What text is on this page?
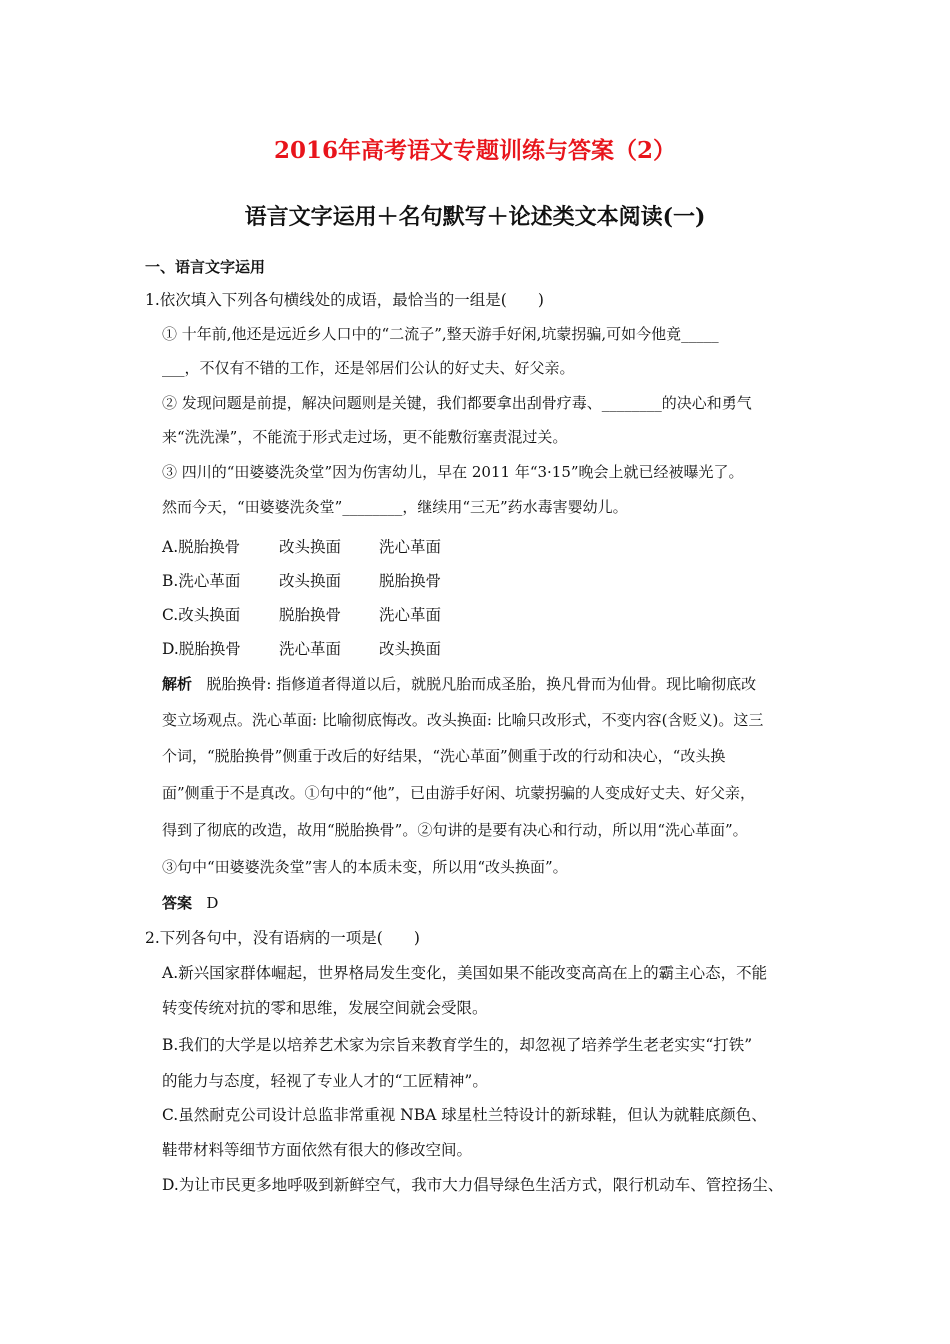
2016年高考语文专题训练与答案（2）
语言文字运用＋名句默写＋论述类文本阅读(一)
一、语言文字运用
1.依次填入下列各句横线处的成语，最恰当的一组是(　　)
① 十年前,他还是远近乡人口中的“二流子”,整天游手好闲,坑蒙拐骗,可如今他竟_____
___，不仅有不错的工作，还是邻居们公认的好丈夫、好父亲。
② 发现问题是前提，解决问题则是关键，我们都要拿出刮骨疗毒、________的决心和勇气
来“洗洗澡”，不能流于形式走过场，更不能敷衍塞责混过关。
③ 四川的“田婆婆洗灸堂”因为伤害幼儿，早在 2011 年“3·15”晚会上就已经被曝光了。
然而今天，“田婆婆洗灸堂”________，继续用“三无”药水毒害婴幼儿。
A.脱胎换骨	改头换面 洗心革面
B.洗心革面 改头换面 脱胎换骨
C.改头换面	脱胎换骨 洗心革面
D.脱胎换骨 洗心革面 改头换面
解析 脱胎换骨: 指修道者得道以后，就脱凡胎而成圣胎，换凡骨而为仙骨。现比喻彻底改
变立场观点。洗心革面: 比喻彻底悔改。改头换面: 比喻只改形式，不变内容(含贬义)。这三
个词，“脱胎换骨”侧重于改后的好结果，“洗心革面”侧重于改的行动和决心，“改头换
面”侧重于不是真改。①句中的“他”，已由游手好闲、坑蒙拐骗的人变成好丈夫、好父亲，
得到了彻底的改造，故用“脱胎换骨”。②句讲的是要有决心和行动，所以用“洗心革面”。
③句中“田婆婆洗灸堂”害人的本质未变，所以用“改头换面”。
答案 D
2.下列各句中，没有语病的一项是(　　)
A.新兴国家群体崛起，世界格局发生变化，美国如果不能改变高高在上的霸主心态，不能
转变传统对抗的零和思维，发展空间就会受限。
B.我们的大学是以培养艺术家为宗旨来教育学生的，却忽视了培养学生老老实实“打铁”
的能力与态度，轻视了专业人才的“工匠精神”。
C.虽然耐克公司设计总监非常重视 NBA 球星杜兰特设计的新球鞋，但认为就鞋底颜色、
鞋带材料等细节方面依然有很大的修改空间。
D.为让市民更多地呼吸到新鲜空气，我市大力倡导绿色生活方式，限行机动车、管控扬尘、
